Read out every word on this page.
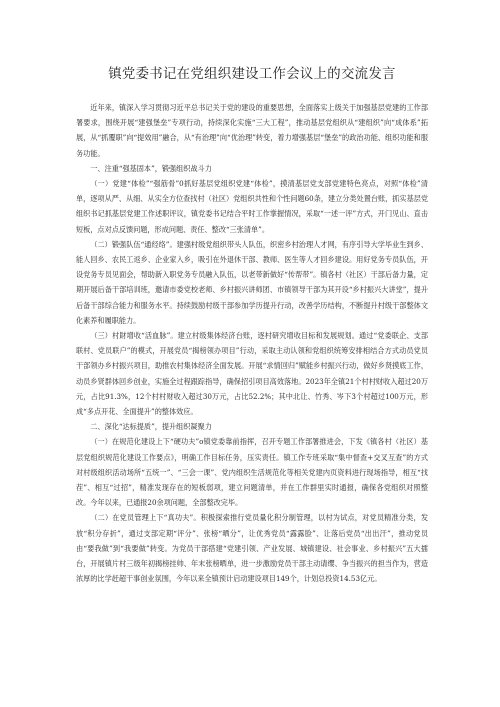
镇党委书记在党组织建设工作会议上的交流发言

近年来，镇深入学习贯彻习近平总书记关于党的建设的重要思想，全面落实上级关于加强基层党建的工作部署要求，围绕开展“建强堡垒”专项行动，持续深化实施“三大工程”，推动基层党组织从“建组织”向“成体系”拓展，从“抓覆职”向“提效用”融合，从“有治理”向“优治理”转变，着力增强基层“堡垒”的政治功能、组织功能和服务功能。

一、注重“强基固本”，锻强组织战斗力

（一）党建“体检”“强筋骨”0抓好基层党组织党建“体检”，摸清基层党支部党建特色亮点，对照“体检”清单，逐项从严、从细、从实全方位查找村（社区）党组织共性和个性问题60条，建立分类处置台账，抓实基层党组织书记抓基层党建工作述职评议，镇党委书记结合平时工作掌握情况，采取“一述一评”方式，开门见山、直击短板，点对点反馈问题，形成问题、责任、整改“三张清单”。

（二）锻强队伍“通经络”。建强村级党组织带头人队伍，织密乡村治理人才网，有序引导大学毕业生到乡、能人回乡、农民工返乡、企业家入乡，吸引在外退休干部、教师、医生等人才回乡建设。用好党务专员队伍，开设党务专员见面会，帮助新入职党务专员融入队伍，以老带新做好“传帮带”。镇各村（社区）干部后备力量，定期开展后备干部培训班，邀请市委党校老师、乡村振兴讲师团、市镇领导干部为其开设“乡村振兴大讲堂”，提升后备干部综合能力和服务水平。持续鼓励村级干部参加学历提升行动，改善学历结构，不断提升村级干部整体文化素养和履职能力。

（三）村財增收“活血脉”。建立村级集体经济台账，逐村研究增收目标和发展规划。通过“党委联企、支部联村、党员联户”的模式，开展党员“揭榜领办项目”行动，采取主动认领和党组织统筹安排相结合方式动员党员干部领办乡村振兴项目，助推农村集体经济全面发展。开展“求情回归”赋能乡村振兴行动，做好乡贤摸底工作，动员乡贤群体回乡创业，实施全过程跟踪指导，确保招引项目高效落地。2023年全镇21个村村财收入超过20万元，占比91.3%，12个村村财收入超过30万元，占比52.2%；其中北让、竹秀、岑下3个村超过100万元，形成“多点开花、全面提升”的整体效应。

二、深化“达标提质”，提升组织凝聚力

（一）在规范化建设上下“硬功夫”o镇党委靠前指挥，召开专题工作部署推进会，下发《镇各村（社区）基层党组织规范化建设工作要点》，明确工作目标任务，压实责任。镇工作专班采取“集中督查+交叉互查”的方式对村级组织活动场所“五统一”、“三会一课”、党内组织生活规范化等相关党建内页资料进行现场指导，相互“找茬”、相互“过招”，精准发现存在的短板弱项，建立问题清单，并在工作群里实时通报，确保各党组织对照整改。今年以来，已通报20余项问题，全部整改完毕。

（二）在党员管理上下“真功夫”。积极探索推行党员量化积分制管理，以村为试点，对党员精准分类，发放“积分存折”，通过支部定期“评分”、张榜“晒分”，让优秀党员“露露脸”、让落后党员“出出汗”，推动党员由“要我做”到“我要做”转变。为党员干部搭建“党建引领、产业发展、城镇建设、社会事业、乡村振兴”五大擂台，开展镇片村三级年初揭榜挂帅、年末张榜晒单，进一步激励党员干部主动请缨、争当振兴的担当作为，营造浓厚的比学赶超干事创业氛围，今年以来全镇预计启动建设项目149个，计划总投资14.53亿元。
